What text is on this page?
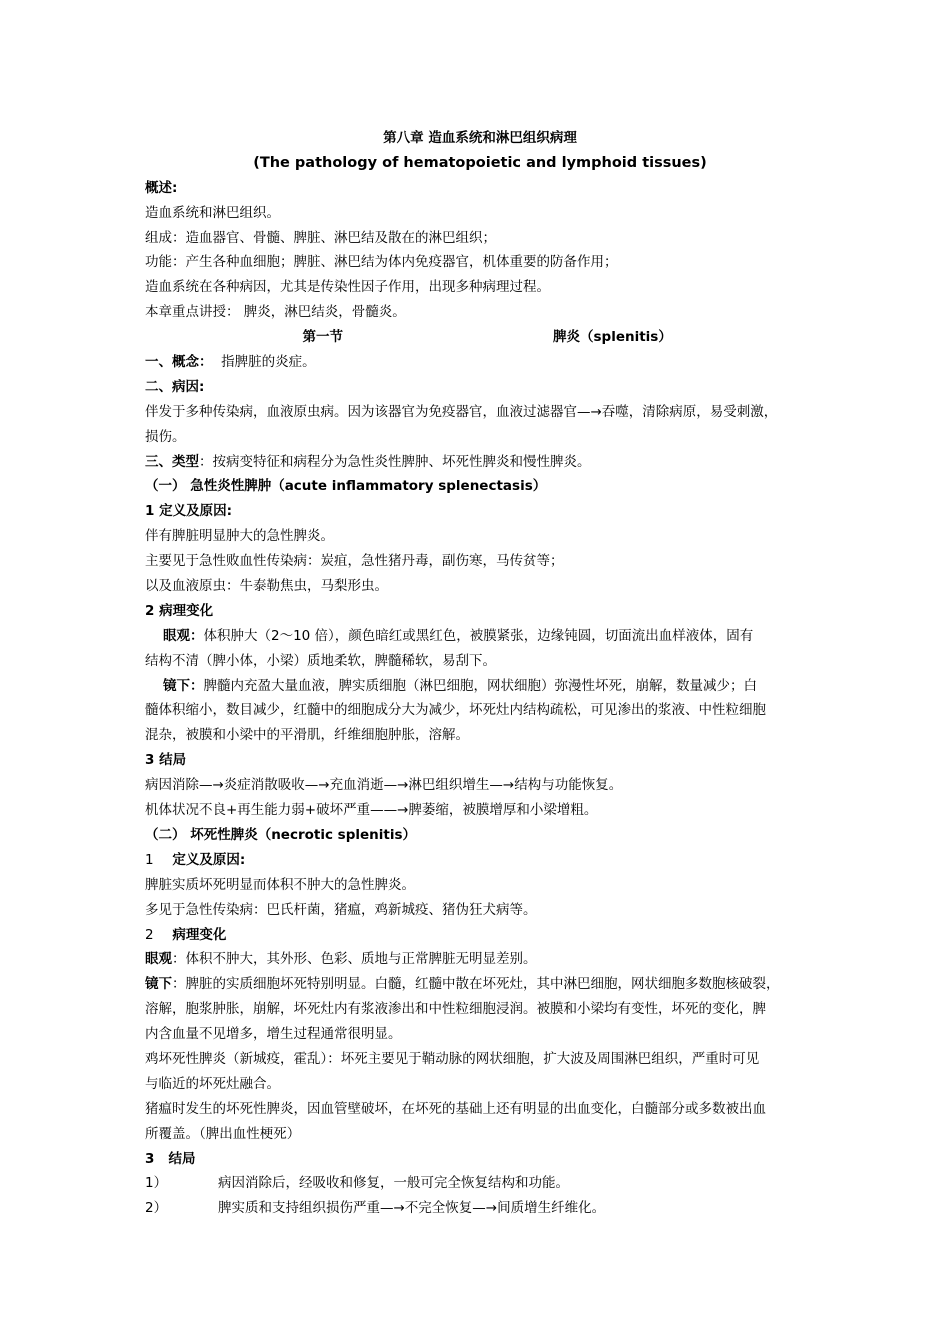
第八章 造血系统和淋巴组织病理
(The pathology of hematopoietic and lymphoid tissues)
概述:
造血系统和淋巴组织。
组成：造血器官、骨髓、脾脏、淋巴结及散在的淋巴组织；
功能：产生各种血细胞；脾脏、淋巴结为体内免疫器官，机体重要的防备作用；
造血系统在各种病因，尤其是传染性因子作用，出现多种病理过程。
本章重点讲授： 脾炎，淋巴结炎，骨髓炎。
第一节	脾炎（splenitis）
一、概念： 指脾脏的炎症。
二、病因:
伴发于多种传染病，血液原虫病。因为该器官为免疫器官，血液过滤器官—→吞噬，清除病原，易受刺激，
损伤。
三、类型：按病变特征和病程分为急性炎性脾肿、坏死性脾炎和慢性脾炎。
（一） 急性炎性脾肿（acute inflammatory splenectasis）
1 定义及原因:
伴有脾脏明显肿大的急性脾炎。
主要见于急性败血性传染病：炭疽，急性猪丹毒，副伤寒，马传贫等；
以及血液原虫：牛泰勒焦虫，马梨形虫。
2 病理变化
眼观：体积肿大（2～10 倍），颜色暗红或黑红色，被膜紧张，边缘钝圆，切面流出血样液体，固有
结构不清（脾小体，小梁）质地柔软，脾髓稀软，易刮下。
镜下：脾髓内充盈大量血液，脾实质细胞（淋巴细胞，网状细胞）弥漫性坏死，崩解，数量减少；白
髓体积缩小，数目减少，红髓中的细胞成分大为减少，坏死灶内结构疏松，可见渗出的浆液、中性粒细胞
混杂，被膜和小梁中的平滑肌，纤维细胞肿胀，溶解。
3 结局
病因消除—→炎症消散吸收—→充血消逝—→淋巴组织增生—→结构与功能恢复。
机体状况不良+再生能力弱+破坏严重——→脾萎缩，被膜增厚和小梁增粗。
（二） 坏死性脾炎（necrotic splenitis）
1 定义及原因:
脾脏实质坏死明显而体积不肿大的急性脾炎。
多见于急性传染病：巴氏杆菌，猪瘟，鸡新城疫、猪伪狂犬病等。
2 病理变化
眼观：体积不肿大，其外形、色彩、质地与正常脾脏无明显差别。
镜下：脾脏的实质细胞坏死特别明显。白髓，红髓中散在坏死灶，其中淋巴细胞，网状细胞多数胞核破裂，
溶解，胞浆肿胀，崩解，坏死灶内有浆液渗出和中性粒细胞浸润。被膜和小梁均有变性，坏死的变化，脾
内含血量不见增多，增生过程通常很明显。
鸡坏死性脾炎（新城疫，霍乱）：坏死主要见于鞘动脉的网状细胞，扩大波及周围淋巴组织，严重时可见
与临近的坏死灶融合。
猪瘟时发生的坏死性脾炎，因血管壁破坏，在坏死的基础上还有明显的出血变化，白髓部分或多数被出血
所覆盖。（脾出血性梗死）
3 结局
1）	病因消除后，经吸收和修复，一般可完全恢复结构和功能。
2）	脾实质和支持组织损伤严重—→不完全恢复—→间质增生纤维化。
